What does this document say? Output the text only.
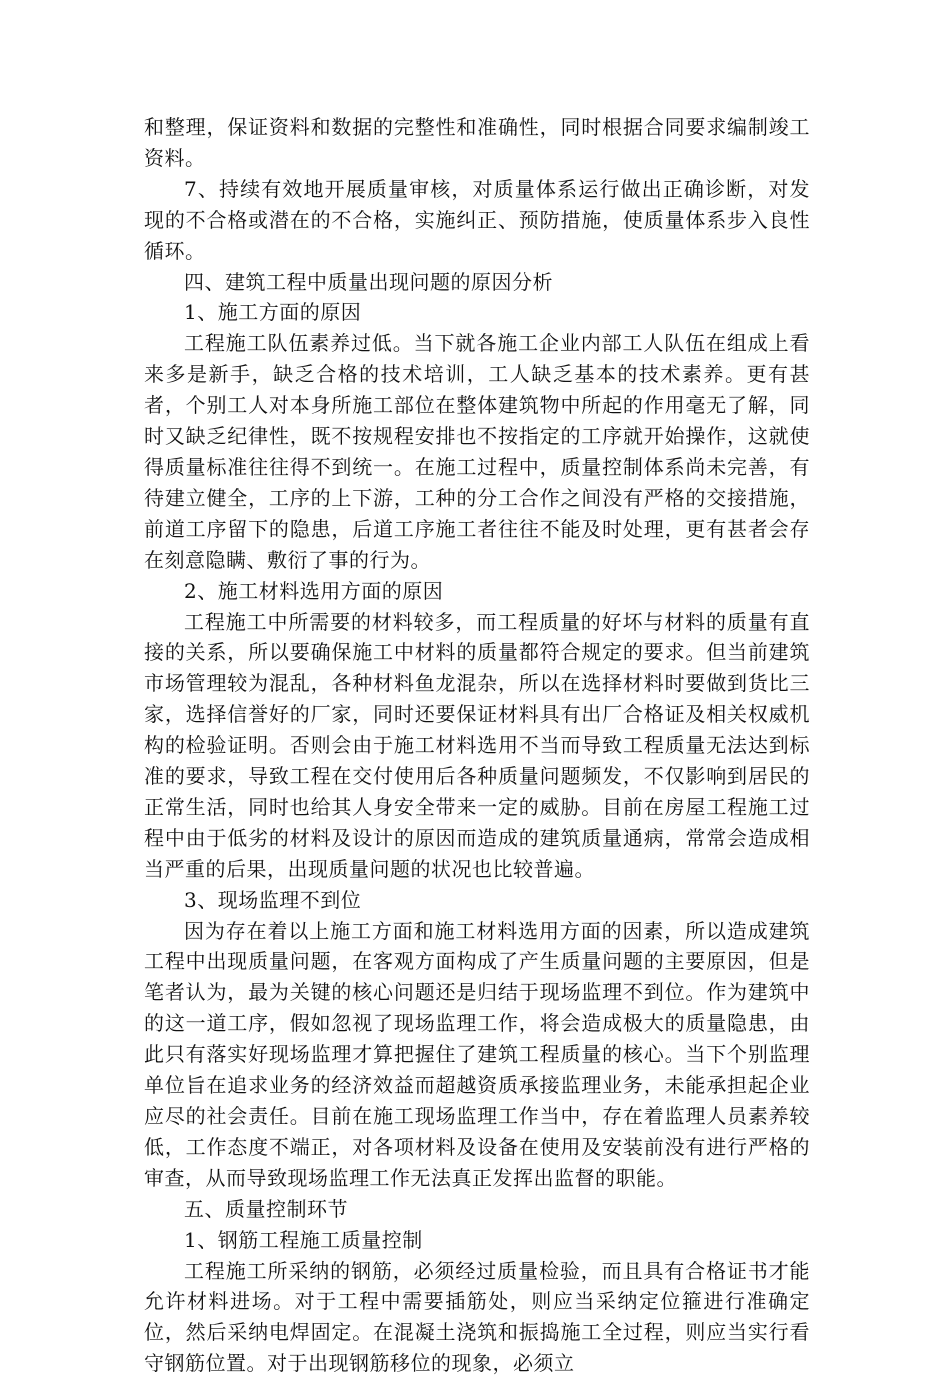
和整理，保证资料和数据的完整性和准确性，同时根据合同要求编制竣工资料。

7、持续有效地开展质量审核，对质量体系运行做出正确诊断，对发现的不合格或潜在的不合格，实施纠正、预防措施，使质量体系步入良性循环。

四、建筑工程中质量出现问题的原因分析

1、施工方面的原因

工程施工队伍素养过低。当下就各施工企业内部工人队伍在组成上看来多是新手，缺乏合格的技术培训，工人缺乏基本的技术素养。更有甚者，个别工人对本身所施工部位在整体建筑物中所起的作用毫无了解，同时又缺乏纪律性，既不按规程安排也不按指定的工序就开始操作，这就使得质量标准往往得不到统一。在施工过程中，质量控制体系尚未完善，有待建立健全，工序的上下游，工种的分工合作之间没有严格的交接措施，前道工序留下的隐患，后道工序施工者往往不能及时处理，更有甚者会存在刻意隐瞒、敷衍了事的行为。

2、施工材料选用方面的原因

工程施工中所需要的材料较多，而工程质量的好坏与材料的质量有直接的关系，所以要确保施工中材料的质量都符合规定的要求。但当前建筑市场管理较为混乱，各种材料鱼龙混杂，所以在选择材料时要做到货比三家，选择信誉好的厂家，同时还要保证材料具有出厂合格证及相关权威机构的检验证明。否则会由于施工材料选用不当而导致工程质量无法达到标准的要求，导致工程在交付使用后各种质量问题频发，不仅影响到居民的正常生活，同时也给其人身安全带来一定的威胁。目前在房屋工程施工过程中由于低劣的材料及设计的原因而造成的建筑质量通病，常常会造成相当严重的后果，出现质量问题的状况也比较普遍。

3、现场监理不到位

因为存在着以上施工方面和施工材料选用方面的因素，所以造成建筑工程中出现质量问题，在客观方面构成了产生质量问题的主要原因，但是笔者认为，最为关键的核心问题还是归结于现场监理不到位。作为建筑中的这一道工序，假如忽视了现场监理工作，将会造成极大的质量隐患，由此只有落实好现场监理才算把握住了建筑工程质量的核心。当下个别监理单位旨在追求业务的经济效益而超越资质承接监理业务，未能承担起企业应尽的社会责任。目前在施工现场监理工作当中，存在着监理人员素养较低，工作态度不端正，对各项材料及设备在使用及安装前没有进行严格的审查，从而导致现场监理工作无法真正发挥出监督的职能。

五、质量控制环节

1、钢筋工程施工质量控制

工程施工所采纳的钢筋，必须经过质量检验，而且具有合格证书才能允许材料进场。对于工程中需要插筋处，则应当采纳定位箍进行准确定位，然后采纳电焊固定。在混凝土浇筑和振捣施工全过程，则应当实行看守钢筋位置。对于出现钢筋移位的现象，必须立
